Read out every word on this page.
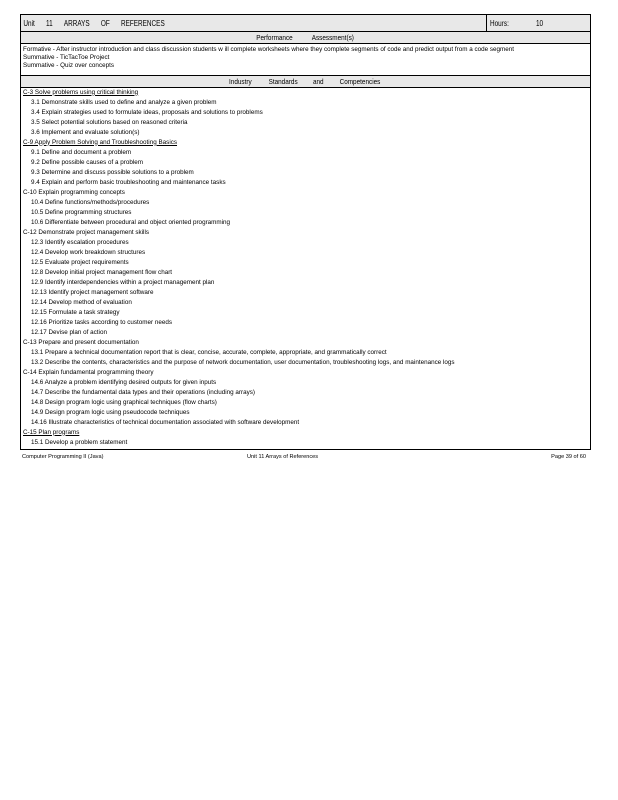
Unit 11 ARRAYS OF REFERENCES	Hours:	10
Performance	Assessment(s)
Formative - After instructor introduction and class discussion students w ill complete worksheets where they complete segments of code and predict output from a code segment
Summative - TicTacToe Project
Summative - Quiz over concepts
Industry Standards and Competencies
C-3 Solve problems using critical thinking
3.1 Demonstrate skills used to define and analyze a given problem
3.4 Explain strategies used to formulate ideas, proposals and solutions to problems
3.5 Select potential solutions based on reasoned criteria
3.6 Implement and evaluate solution(s)
C-9 Apply Problem Solving and Troubleshooting Basics
9.1 Define and document a problem
9.2 Define possible causes of a problem
9.3 Determine and discuss possible solutions to a problem
9.4 Explain and perform basic troubleshooting and maintenance tasks
C-10 Explain programming concepts
10.4 Define functions/methods/procedures
10.5 Define programming structures
10.6 Differentiate between procedural and object oriented programming
C-12 Demonstrate project management skills
12.3 Identify escalation procedures
12.4 Develop work breakdown structures
12.5 Evaluate project requirements
12.8 Develop initial project management flow chart
12.9 Identify interdependencies within a project management plan
12.13 Identify project management software
12.14 Develop method of evaluation
12.15 Formulate a task strategy
12.16 Prioritize tasks according to customer needs
12.17 Devise plan of action
C-13 Prepare and present documentation
13.1 Prepare a technical documentation report that is clear, concise, accurate, complete, appropriate, and grammatically correct
13.2 Describe the contents, characteristics and the purpose of network documentation, user documentation, troubleshooting logs, and maintenance logs
C-14 Explain fundamental programming theory
14.6 Analyze a problem identifying desired outputs for given inputs
14.7 Describe the fundamental data types and their operations (including arrays)
14.8 Design program logic using graphical techniques (flow charts)
14.9 Design program logic using pseudocode techniques
14.16 Illustrate characteristics of technical documentation associated with software development
C-15 Plan programs
15.1 Develop a problem statement
Computer Programming II (Java)	Unit 11 Arrays of References	Page 39 of 60
